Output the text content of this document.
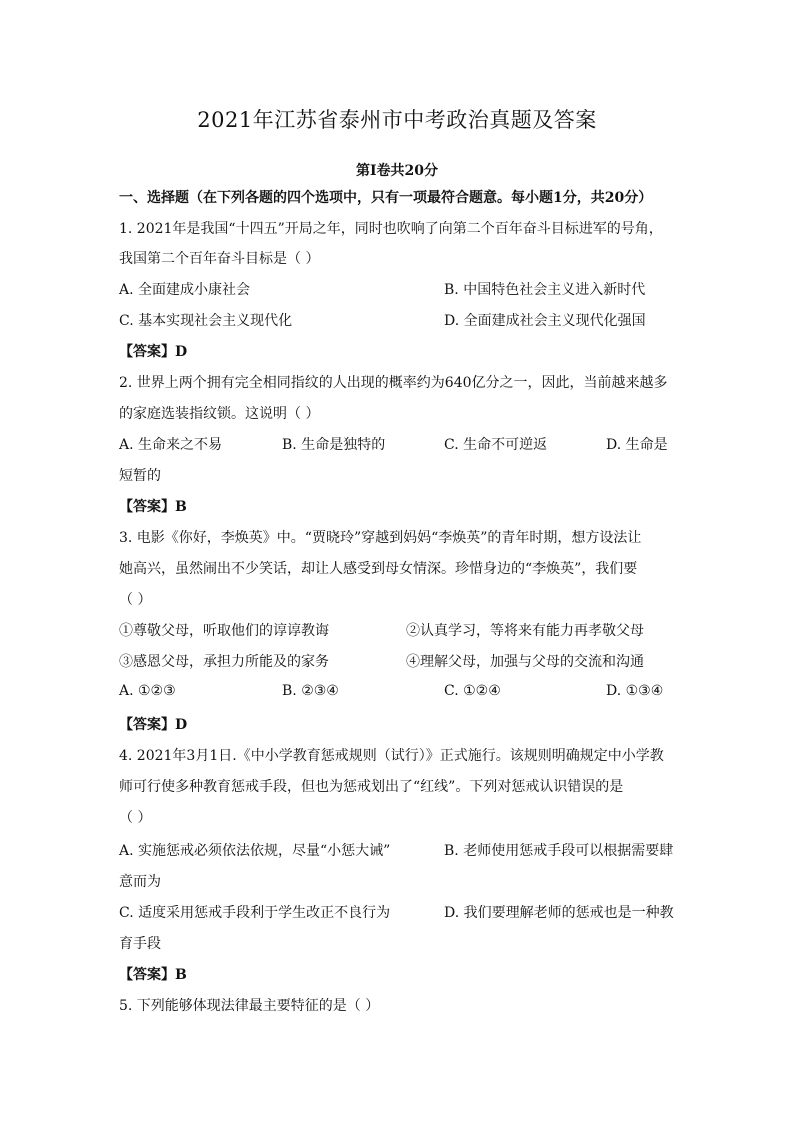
2021年江苏省泰州市中考政治真题及答案
第Ⅰ卷共20分
一、选择题（在下列各题的四个选项中，只有一项最符合题意。每小题1分，共20分）
1. 2021年是我国“十四五”开局之年，同时也吹响了向第二个百年奋斗目标进军的号角，
我国第二个百年奋斗目标是（ ）
A. 全面建成小康社会	B. 中国特色社会主义进入新时代
C. 基本实现社会主义现代化	D. 全面建成社会主义现代化强国
【答案】D
2. 世界上两个拥有完全相同指纹的人出现的概率约为640亿分之一，因此，当前越来越多
的家庭选装指纹锁。这说明（ ）
A. 生命来之不易	B. 生命是独特的	C. 生命不可逆返	D. 生命是
短暂的
【答案】B
3. 电影《你好，李焕英》中。“贾晓玲”穿越到妈妈“李焕英”的青年时期，想方设法让
她高兴，虽然闹出不少笑话，却让人感受到母女情深。珍惜身边的“李焕英”，我们要
（ ）
①尊敬父母，听取他们的谆谆教诲	②认真学习，等将来有能力再孝敬父母
③感恩父母，承担力所能及的家务	④理解父母，加强与父母的交流和沟通
A. ①②③	B. ②③④	C. ①②④	D. ①③④
【答案】D
4. 2021年3月1日.《中小学教育惩戒规则（试行）》正式施行。该规则明确规定中小学教
师可行使多种教育惩戒手段，但也为惩戒划出了“红线”。下列对惩戒认识错误的是
（ ）
A. 实施惩戒必须依法依规，尽量“小惩大诫”	B. 老师使用惩戒手段可以根据需要肆
意而为
C. 适度采用惩戒手段利于学生改正不良行为	D. 我们要理解老师的惩戒也是一种教
育手段
【答案】B
5. 下列能够体现法律最主要特征的是（ ）
